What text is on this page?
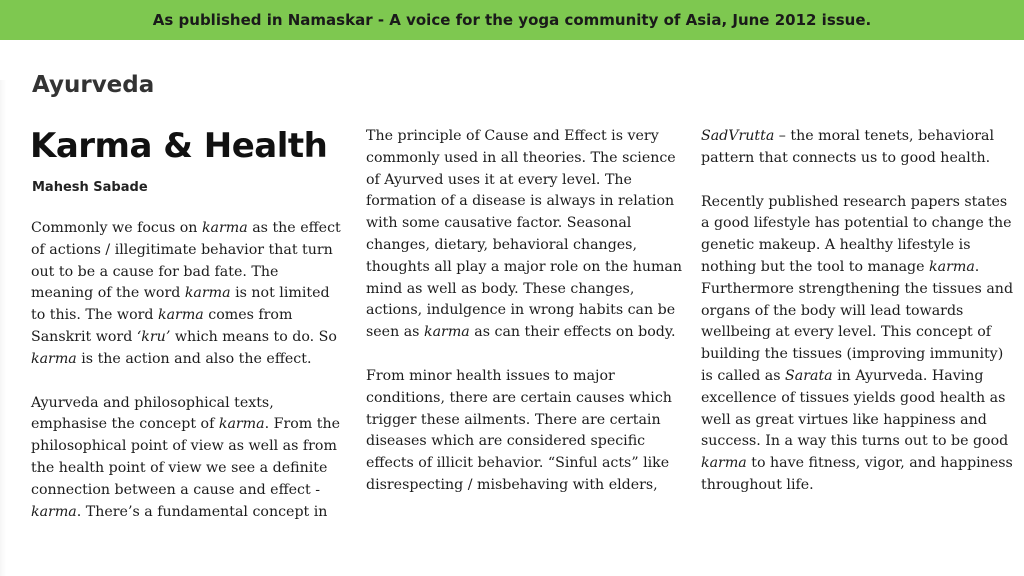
As published in Namaskar - A voice for the yoga community of Asia, June 2012 issue.
Ayurveda
Karma & Health
Mahesh Sabade

Commonly we focus on karma as the effect of actions / illegitimate behavior that turn out to be a cause for bad fate. The meaning of the word karma is not limited to this. The word karma comes from Sanskrit word ‘kru’ which means to do. So karma is the action and also the effect.

Ayurveda and philosophical texts, emphasise the concept of karma. From the philosophical point of view as well as from the health point of view we see a definite connection between a cause and effect - karma. There’s a fundamental concept in

The principle of Cause and Effect is very commonly used in all theories. The science of Ayurved uses it at every level. The formation of a disease is always in relation with some causative factor. Seasonal changes, dietary, behavioral changes, thoughts all play a major role on the human mind as well as body. These changes, actions, indulgence in wrong habits can be seen as karma as can their effects on body.

From minor health issues to major conditions, there are certain causes which trigger these ailments. There are certain diseases which are considered specific effects of illicit behavior. “Sinful acts” like disrespecting / misbehaving with elders,

SadVrutta – the moral tenets, behavioral pattern that connects us to good health.

Recently published research papers states a good lifestyle has potential to change the genetic makeup. A healthy lifestyle is nothing but the tool to manage karma. Furthermore strengthening the tissues and organs of the body will lead towards wellbeing at every level. This concept of building the tissues (improving immunity) is called as Sarata in Ayurveda. Having excellence of tissues yields good health as well as great virtues like happiness and success. In a way this turns out to be good karma to have fitness, vigor, and happiness throughout life.
